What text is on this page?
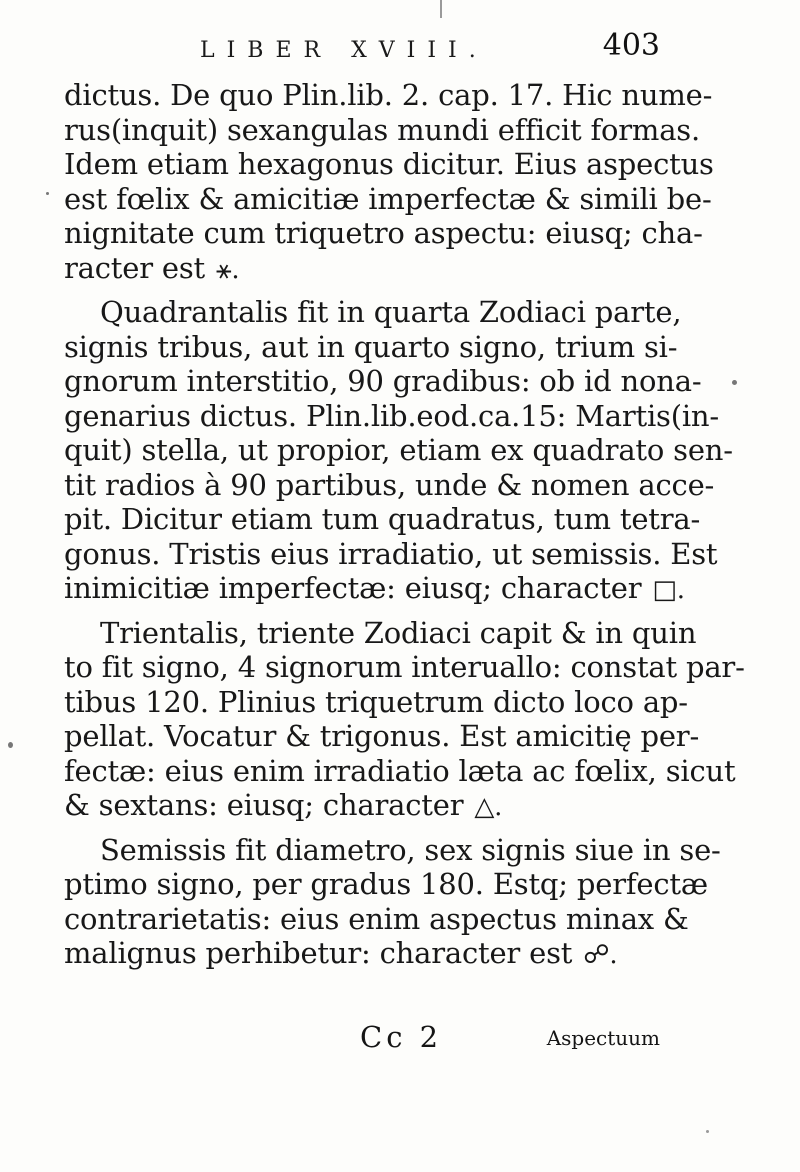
LIBER XVIII.	403
dictus. De quo Plin.lib. 2. cap. 17. Hic nume-
rus(inquit) sexangulas mundi efficit formas.
Idem etiam hexagonus dicitur. Eius aspectus
est fœlix & amicitiæ imperfectæ & simili be-
nignitate cum triquetro aspectu: eiusq; cha-
racter est ⚹.
Quadrantalis fit in quarta Zodiaci parte,
signis tribus, aut in quarto signo, trium si-
gnorum interstitio, 90 gradibus: ob id nona-
genarius dictus. Plin.lib.eod.ca.15: Martis(in-
quit) stella, ut propior, etiam ex quadrato sen-
tit radios à 90 partibus, unde & nomen acce-
pit. Dicitur etiam tum quadratus, tum tetra-
gonus. Tristis eius irradiatio, ut semissis. Est
inimicitiæ imperfectæ: eiusq; character □.
Trientalis, triente Zodiaci capit & in quin
to fit signo, 4 signorum interuallo: constat par-
tibus 120. Plinius triquetrum dicto loco ap-
pellat. Vocatur & trigonus. Est amicitię per-
fectæ: eius enim irradiatio læta ac fœlix, sicut
& sextans: eiusq; character △.
Semissis fit diametro, sex signis siue in se-
ptimo signo, per gradus 180. Estq; perfectæ
contrarietatis: eius enim aspectus minax &
malignus perhibetur: character est ☍.
Cc 2	Aspectuum
